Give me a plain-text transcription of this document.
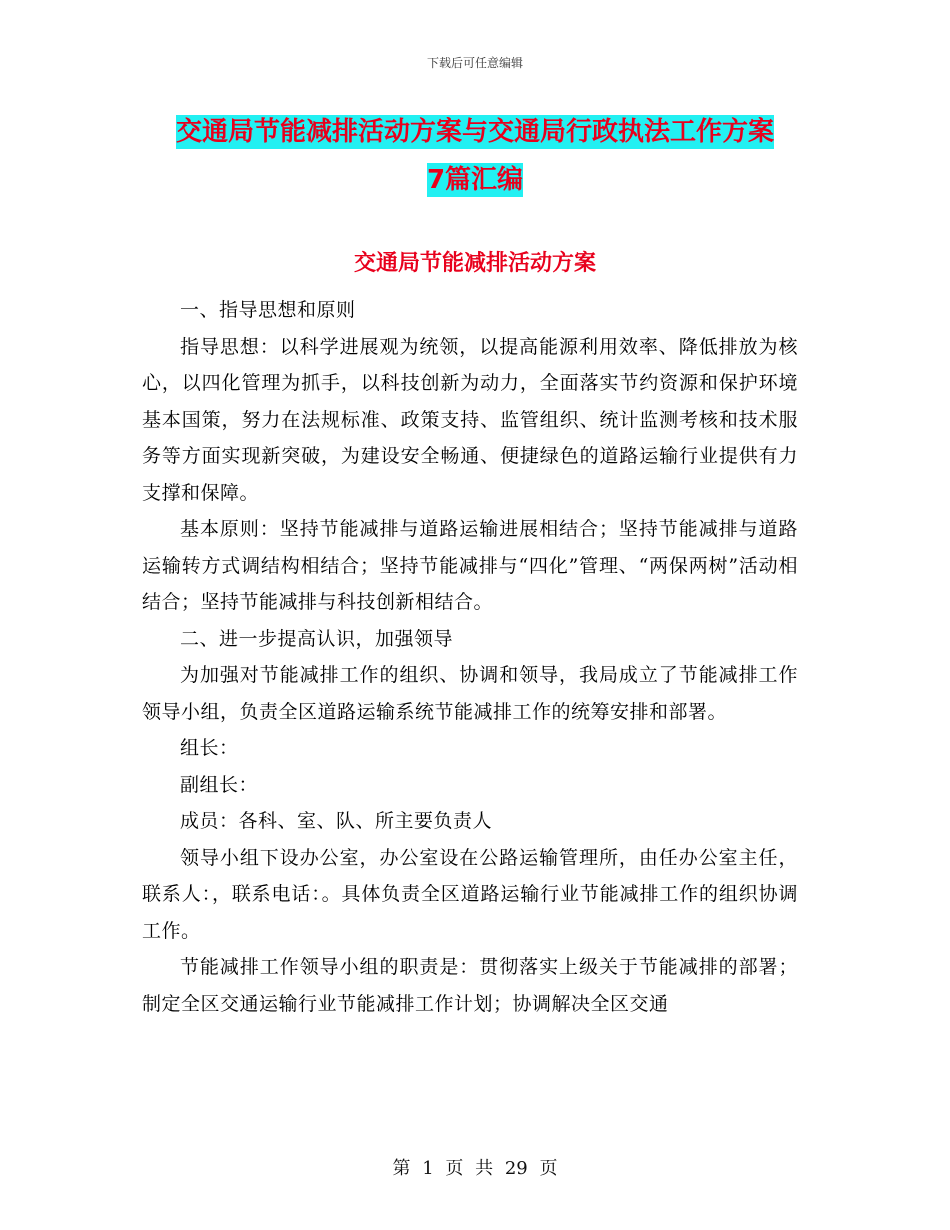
下载后可任意编辑
交通局节能减排活动方案与交通局行政执法工作方案
7篇汇编
交通局节能减排活动方案

一、指导思想和原则

指导思想：以科学进展观为统领，以提高能源利用效率、降低排放为核心，以四化管理为抓手，以科技创新为动力，全面落实节约资源和保护环境基本国策，努力在法规标准、政策支持、监管组织、统计监测考核和技术服务等方面实现新突破，为建设安全畅通、便捷绿色的道路运输行业提供有力支撑和保障。

基本原则：坚持节能减排与道路运输进展相结合；坚持节能减排与道路运输转方式调结构相结合；坚持节能减排与“四化”管理、“两保两树”活动相结合；坚持节能减排与科技创新相结合。

二、进一步提高认识，加强领导

为加强对节能减排工作的组织、协调和领导，我局成立了节能减排工作领导小组，负责全区道路运输系统节能减排工作的统筹安排和部署。

组长：

副组长：

成员：各科、室、队、所主要负责人

领导小组下设办公室，办公室设在公路运输管理所，由任办公室主任，联系人：，联系电话：。具体负责全区道路运输行业节能减排工作的组织协调工作。

节能减排工作领导小组的职责是：贯彻落实上级关于节能减排的部署；制定全区交通运输行业节能减排工作计划；协调解决全区交通

第 1 页 共 29 页
